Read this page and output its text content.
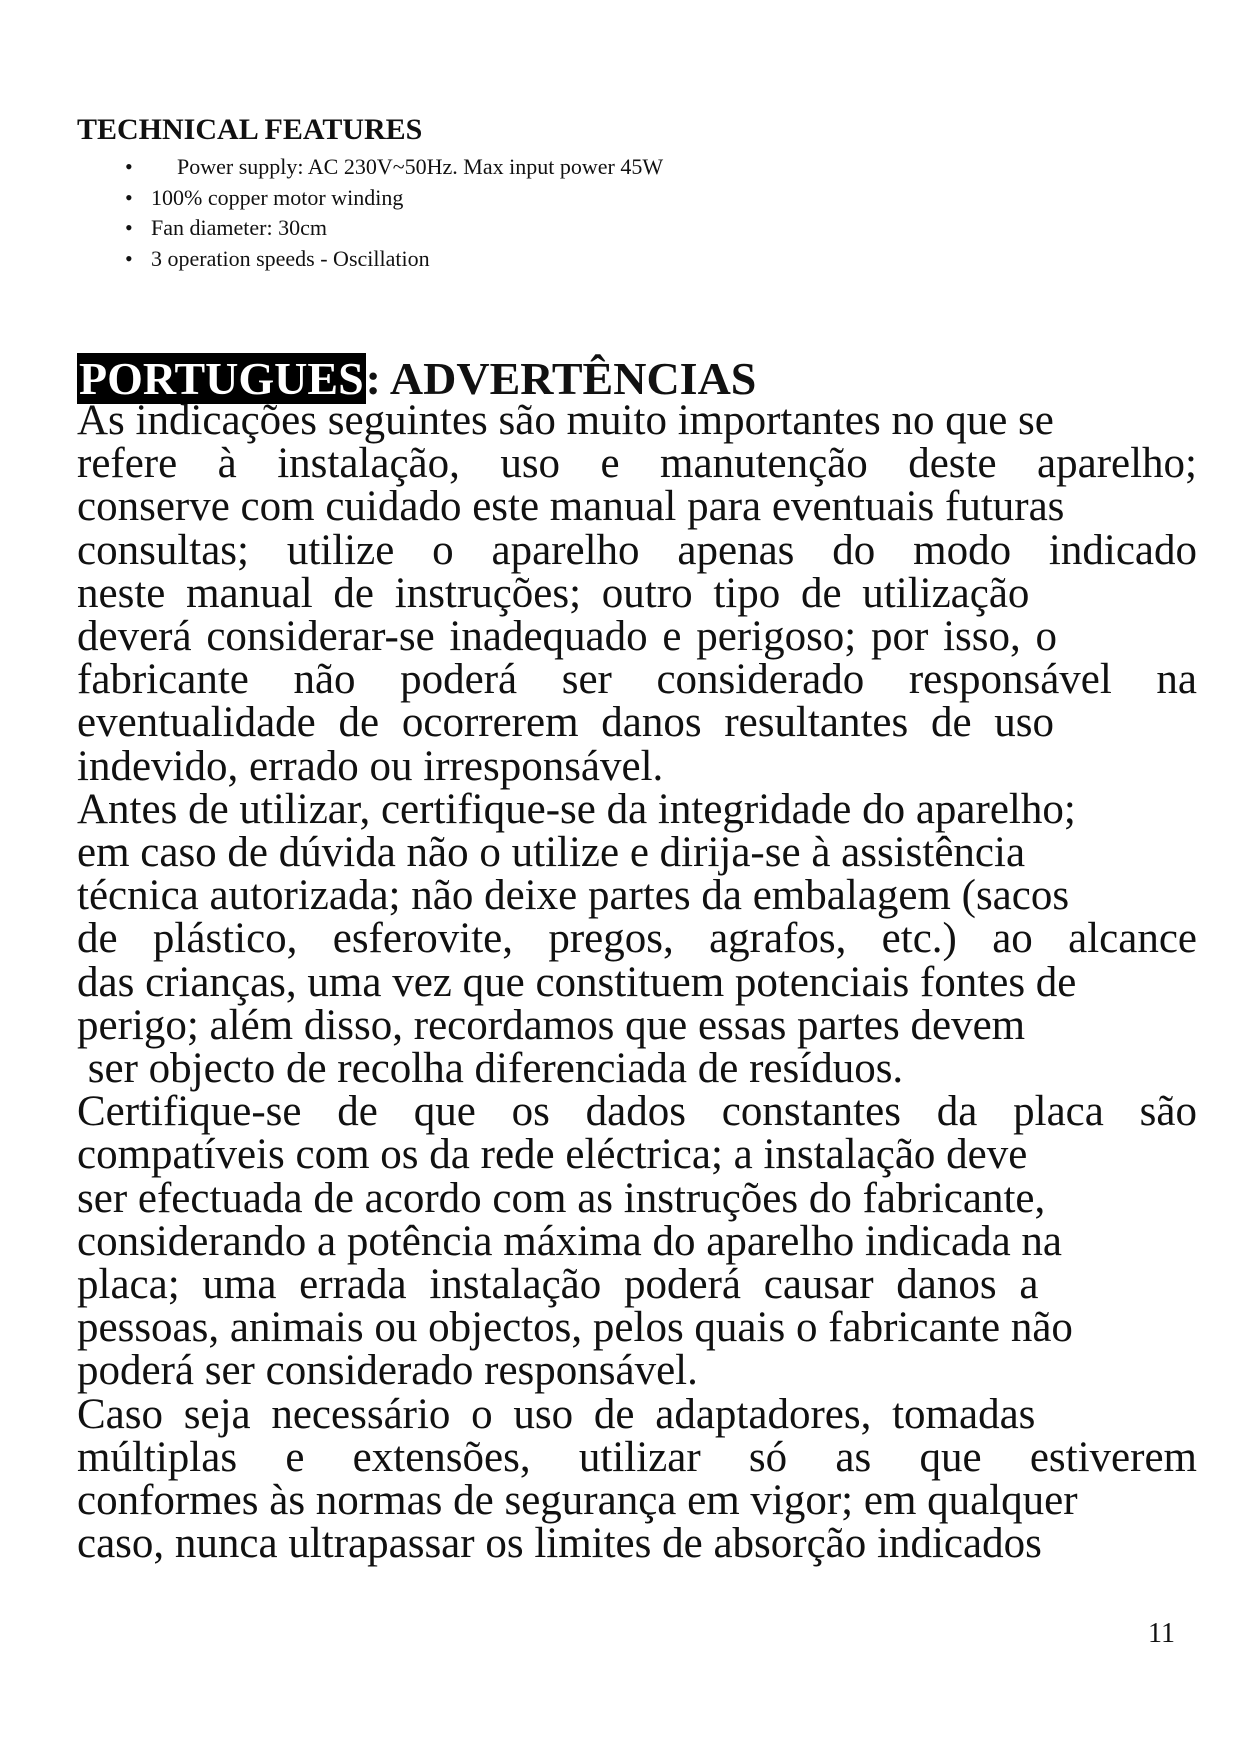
TECHNICAL FEATURES
• Power supply: AC 230V~50Hz. Max input power 45W
• 100% copper motor winding
• Fan diameter: 30cm
• 3 operation speeds - Oscillation
PORTUGUES: ADVERTÊNCIAS
As indicações seguintes são muito importantes no que se
refere à instalação, uso e manutenção deste aparelho;
conserve com cuidado este manual para eventuais futuras
consultas; utilize o aparelho apenas do modo indicado
neste manual de instruções; outro tipo de utilização
deverá considerar-se inadequado e perigoso; por isso, o
fabricante não poderá ser considerado responsável na
eventualidade de ocorrerem danos resultantes de uso
indevido, errado ou irresponsável.
Antes de utilizar, certifique-se da integridade do aparelho;
em caso de dúvida não o utilize e dirija-se à assistência
técnica autorizada; não deixe partes da embalagem (sacos
de plástico, esferovite, pregos, agrafos, etc.) ao alcance
das crianças, uma vez que constituem potenciais fontes de
perigo; além disso, recordamos que essas partes devem
ser objecto de recolha diferenciada de resíduos.
Certifique-se de que os dados constantes da placa são
compatíveis com os da rede eléctrica; a instalação deve
ser efectuada de acordo com as instruções do fabricante,
considerando a potência máxima do aparelho indicada na
placa; uma errada instalação poderá causar danos a
pessoas, animais ou objectos, pelos quais o fabricante não
poderá ser considerado responsável.
Caso seja necessário o uso de adaptadores, tomadas
múltiplas e extensões, utilizar só as que estiverem
conformes às normas de segurança em vigor; em qualquer
caso, nunca ultrapassar os limites de absorção indicados
11
